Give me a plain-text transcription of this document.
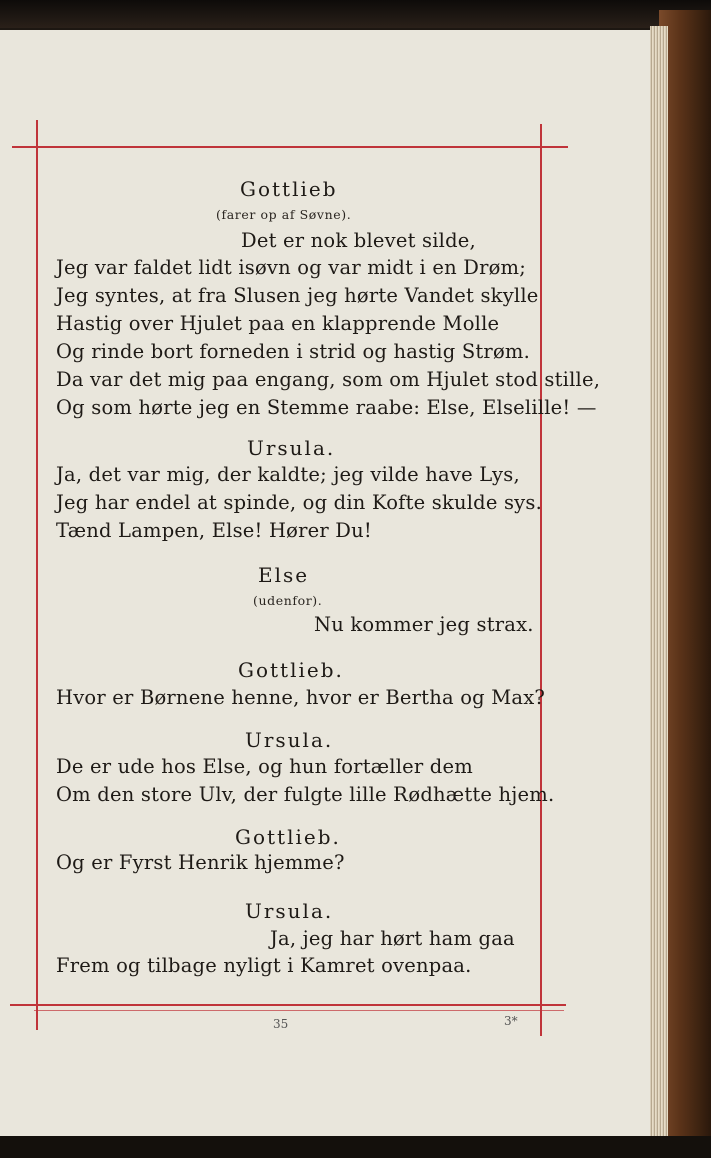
Gottlieb
(farer op af Søvne).
Det er nok blevet silde,
Jeg var faldet lidt isøvn og var midt i en Drøm;
Jeg syntes, at fra Slusen jeg hørte Vandet skylle
Hastig over Hjulet paa en klapprende Molle
Og rinde bort forneden i strid og hastig Strøm.
Da var det mig paa engang, som om Hjulet stod stille,
Og som hørte jeg en Stemme raabe: Else, Elselille! —
Ursula.
Ja, det var mig, der kaldte; jeg vilde have Lys,
Jeg har endel at spinde, og din Kofte skulde sys.
Tænd Lampen, Else! Hører Du!
Else
(udenfor).
Nu kommer jeg strax.
Gottlieb.
Hvor er Børnene henne, hvor er Bertha og Max?
Ursula.
De er ude hos Else, og hun fortæller dem
Om den store Ulv, der fulgte lille Rødhætte hjem.
Gottlieb.
Og er Fyrst Henrik hjemme?
Ursula.
Ja, jeg har hørt ham gaa
Frem og tilbage nyligt i Kamret ovenpaa.
35	3*
